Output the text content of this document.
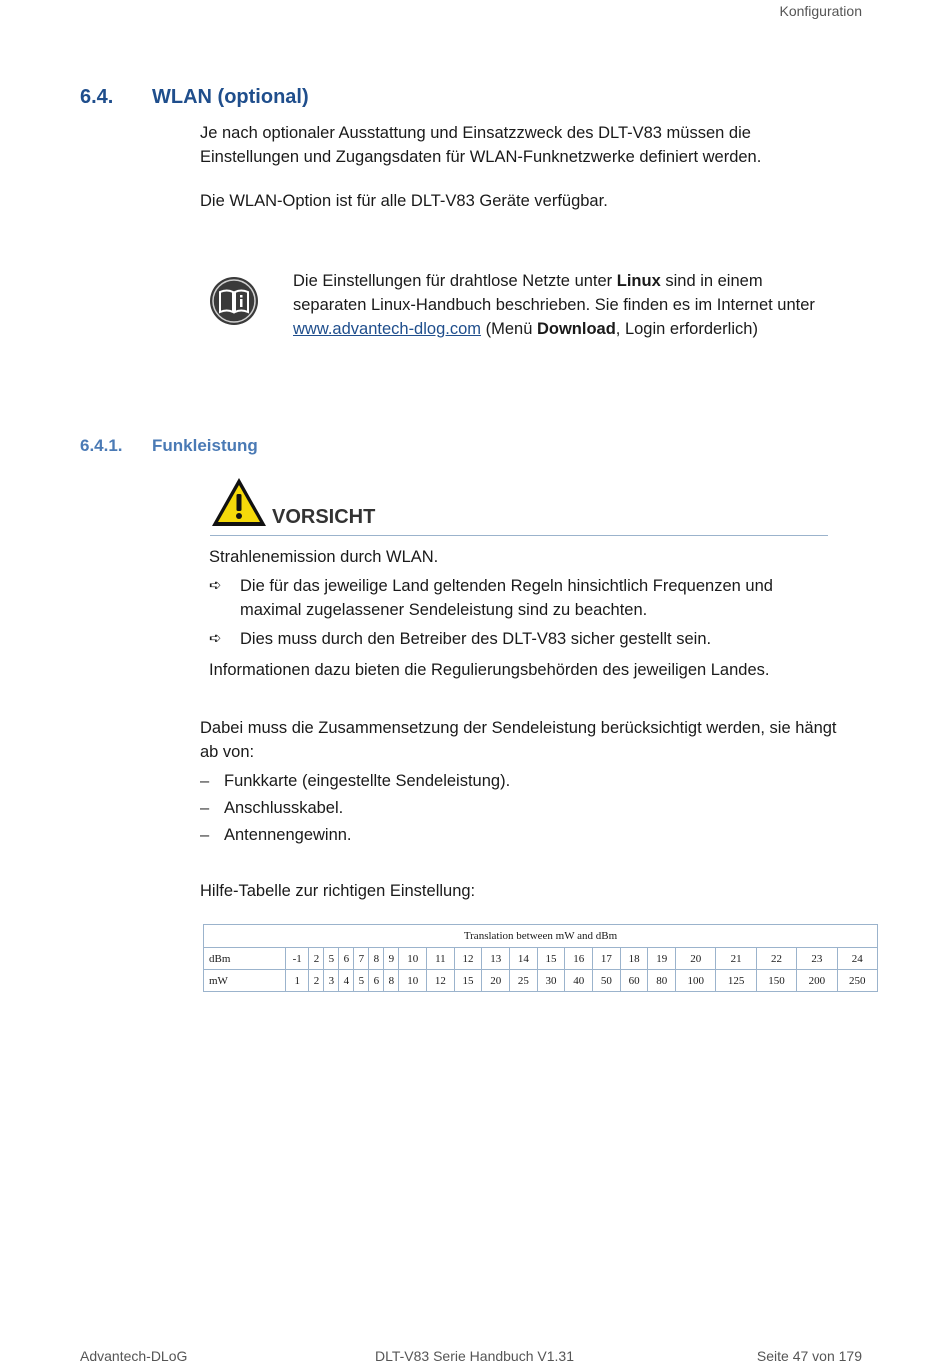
Konfiguration
6.4. WLAN (optional)
Je nach optionaler Ausstattung und Einsatzzweck des DLT-V83 müssen die
Einstellungen und Zugangsdaten für WLAN-Funknetzwerke definiert werden.
Die WLAN-Option ist für alle DLT-V83 Geräte verfügbar.
Die Einstellungen für drahtlose Netzte unter Linux sind in einem
separaten Linux-Handbuch beschrieben. Sie finden es im Internet unter
www.advantech-dlog.com (Menü Download, Login erforderlich)
6.4.1. Funkleistung
VORSICHT
Strahlenemission durch WLAN.
➪ Die für das jeweilige Land geltenden Regeln hinsichtlich Frequenzen und
maximal zugelassener Sendeleistung sind zu beachten.
➪ Dies muss durch den Betreiber des DLT-V83 sicher gestellt sein.
Informationen dazu bieten die Regulierungsbehörden des jeweiligen Landes.
Dabei muss die Zusammensetzung der Sendeleistung berücksichtigt werden, sie hängt
ab von:
– Funkkarte (eingestellte Sendeleistung).
– Anschlusskabel.
– Antennengewinn.
Hilfe-Tabelle zur richtigen Einstellung:
Translation between mW and dBm																						
dBm	-1	2	5	6	7	8	9	10	11	12	13	14	15	16	17	18	19	20	21	22	23	24
mW	1	2	3	4	5	6	8	10	12	15	20	25	30	40	50	60	80	100	125	150	200	250
Advantech-DLoG	DLT-V83 Serie Handbuch V1.31	Seite 47 von 179
